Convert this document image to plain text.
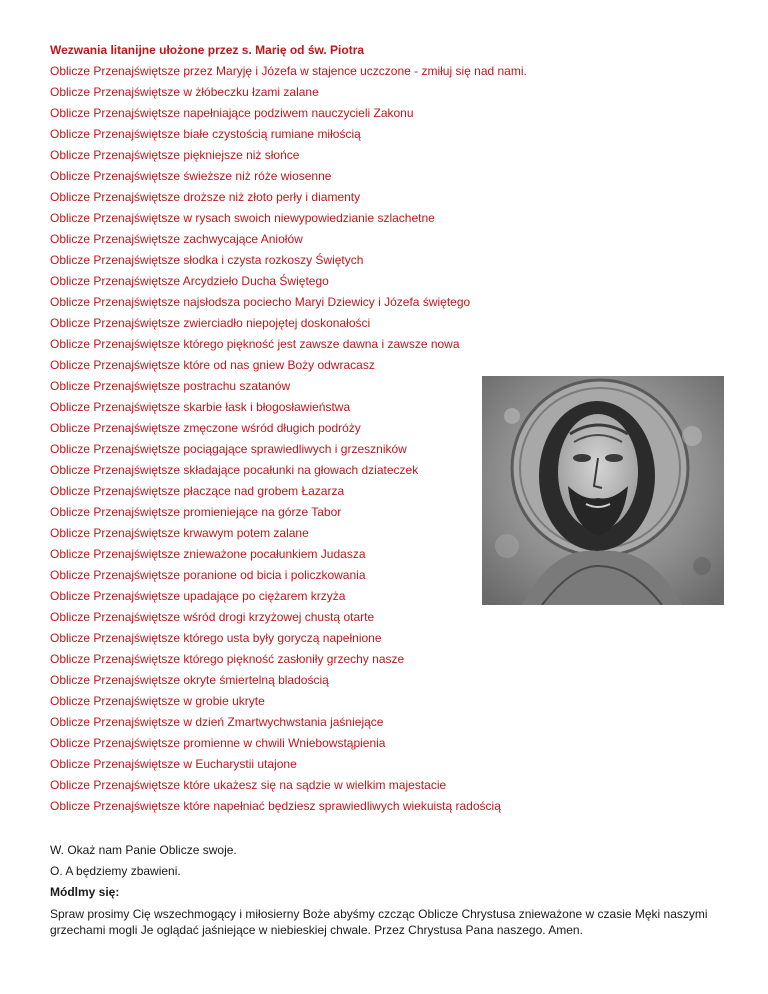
Wezwania litanijne ułożone przez s. Marię od św. Piotra
Oblicze Przenajświętsze przez Maryję i Józefa w stajence uczczone - zmiłuj się nad nami.
Oblicze Przenajświętsze w żłóbeczku łzami zalane
Oblicze Przenajświętsze napełniające podziwem nauczycieli Zakonu
Oblicze Przenajświętsze białe czystością rumiane miłością
Oblicze Przenajświętsze piękniejsze niż słońce
Oblicze Przenajświętsze świeższe niż róże wiosenne
Oblicze Przenajświętsze droższe niż złoto perły i diamenty
Oblicze Przenajświętsze w rysach swoich niewypowiedzianie szlachetne
Oblicze Przenajświętsze zachwycające Aniołów
Oblicze Przenajświętsze słodka i czysta rozkoszy Świętych
Oblicze Przenajświętsze Arcydzieło Ducha Świętego
Oblicze Przenajświętsze najsłodsza pociecho Maryi Dziewicy i Józefa świętego
Oblicze Przenajświętsze zwierciadło niepojętej doskonałości
Oblicze Przenajświętsze którego piękność jest zawsze dawna i zawsze nowa
Oblicze Przenajświętsze które od nas gniew Boży odwracasz
Oblicze Przenajświętsze postrachu szatanów
Oblicze Przenajświętsze skarbie łask i błogosławieństwa
Oblicze Przenajświętsze zmęczone wśród długich podróży
Oblicze Przenajświętsze pociągające sprawiedliwych i grzeszników
Oblicze Przenajświętsze składające pocałunki na głowach dziateczek
Oblicze Przenajświętsze płaczące nad grobem Łazarza
Oblicze Przenajświętsze promieniejące na górze Tabor
Oblicze Przenajświętsze krwawym potem zalane
Oblicze Przenajświętsze znieważone pocałunkiem Judasza
Oblicze Przenajświętsze poranione od bicia i policzkowania
Oblicze Przenajświętsze upadające po ciężarem krzyża
Oblicze Przenajświętsze wśród drogi krzyżowej chustą otarte
Oblicze Przenajświętsze którego usta były goryczą napełnione
Oblicze Przenajświętsze którego piękność zasłoniły grzechy nasze
Oblicze Przenajświętsze okryte śmiertelną bladością
Oblicze Przenajświętsze w grobie ukryte
Oblicze Przenajświętsze w dzień Zmartwychwstania jaśniejące
Oblicze Przenajświętsze promienne w chwili Wniebowstąpienia
Oblicze Przenajświętsze w Eucharystii utajone
Oblicze Przenajświętsze które ukażesz się na sądzie w wielkim majestacie
Oblicze Przenajświętsze które napełniać będziesz sprawiedliwych wiekuistą radością
W. Okaż nam Panie Oblicze swoje.
O. A będziemy zbawieni.
Módlmy się:
Spraw prosimy Cię wszechmogący i miłosierny Boże abyśmy czcząc Oblicze Chrystusa znieważone w czasie Męki naszymi grzechami mogli Je oglądać jaśniejące w niebieskiej chwale. Przez Chrystusa Pana naszego. Amen.
